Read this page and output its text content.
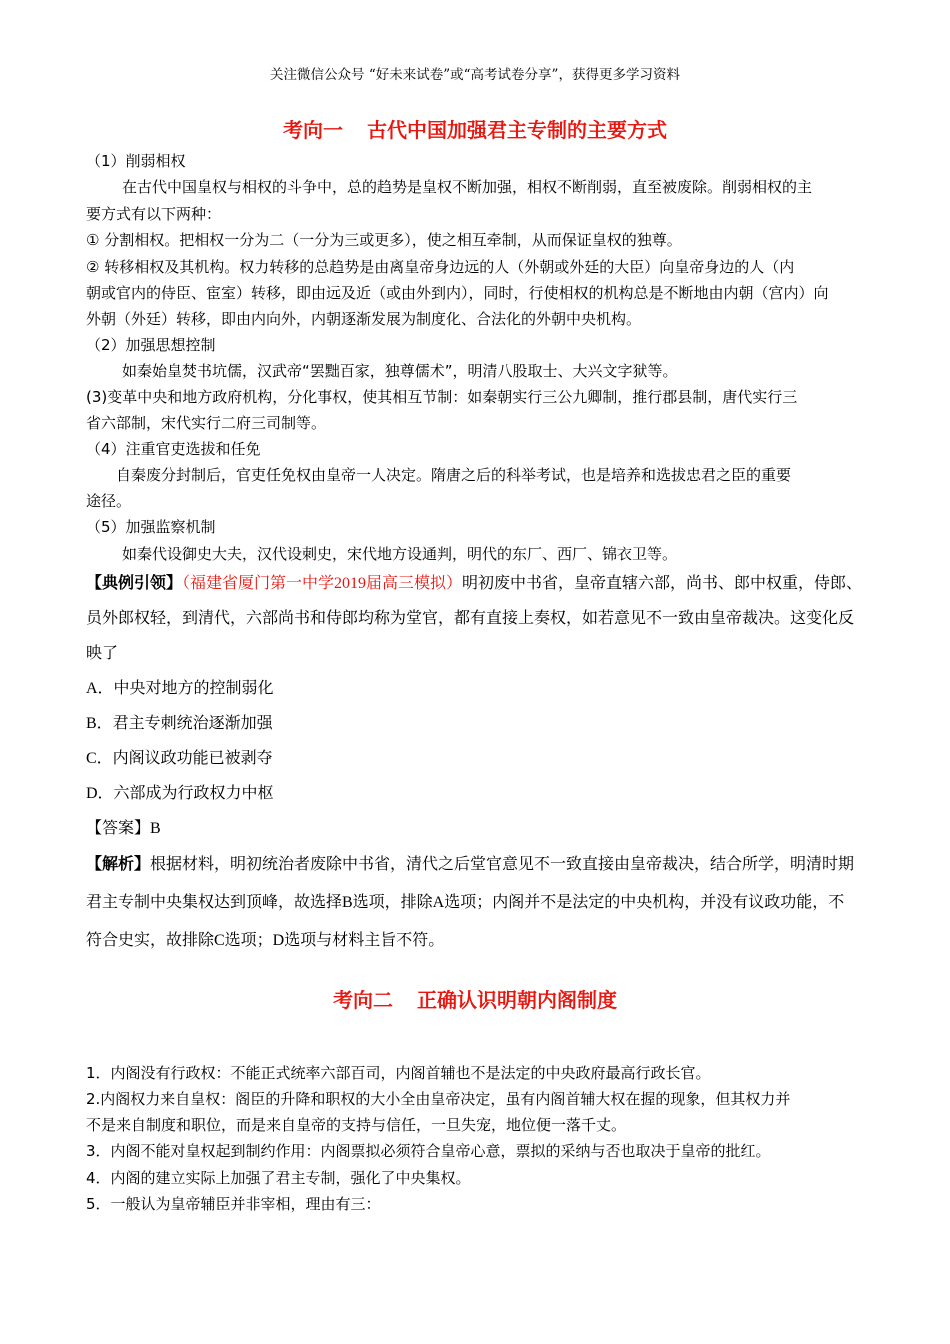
关注微信公众号 “好未来试卷”或“高考试卷分享”，获得更多学习资料
考向一 古代中国加强君主专制的主要方式
（1）削弱相权
在古代中国皇权与相权的斗争中，总的趋势是皇权不断加强，相权不断削弱，直至被废除。削弱相权的主
要方式有以下两种：
① 分割相权。把相权一分为二（一分为三或更多），使之相互牵制，从而保证皇权的独尊。
② 转移相权及其机构。权力转移的总趋势是由离皇帝身边远的人（外朝或外廷的大臣）向皇帝身边的人（内
朝或官内的侍臣、宦室）转移，即由远及近（或由外到内），同时，行使相权的机构总是不断地由内朝（宫内）向
外朝（外廷）转移，即由内向外，内朝逐渐发展为制度化、合法化的外朝中央机构。
（2）加强思想控制
如秦始皇焚书坑儒，汉武帝“罢黜百家，独尊儒术”，明清八股取士、大兴文字狱等。
(3)变革中央和地方政府机构，分化事权，使其相互节制：如秦朝实行三公九卿制，推行郡县制，唐代实行三
省六部制，宋代实行二府三司制等。
（4）注重官吏选拔和任免
自秦废分封制后，官吏任免权由皇帝一人决定。隋唐之后的科举考试，也是培养和选拔忠君之臣的重要
途径。
（5）加强监察机制
如秦代设御史大夫，汉代设刺史，宋代地方设通判，明代的东厂、西厂、锦衣卫等。
【典例引领】（福建省厦门第一中学2019届高三模拟）明初废中书省，皇帝直辖六部，尚书、郎中权重，侍郎、
员外郎权轻，到清代，六部尚书和侍郎均称为堂官，都有直接上奏权，如若意见不一致由皇帝裁决。这变化反
映了
A．中央对地方的控制弱化
B．君主专刺统治逐渐加强
C．内阁议政功能已被剥夺
D．六部成为行政权力中枢
【答案】B
【解析】根据材料，明初统治者废除中书省，清代之后堂官意见不一致直接由皇帝裁决，结合所学，明清时期
君主专制中央集权达到顶峰，故选择B选项，排除A选项；内阁并不是法定的中央机构，并没有议政功能，不
符合史实，故排除C选项；D选项与材料主旨不符。
考向二 正确认识明朝内阁制度
1．内阁没有行政权：不能正式统率六部百司，内阁首辅也不是法定的中央政府最高行政长官。
2.内阁权力来自皇权：阁臣的升降和职权的大小全由皇帝决定，虽有内阁首辅大权在握的现象，但其权力并
不是来自制度和职位，而是来自皇帝的支持与信任，一旦失宠，地位便一落千丈。
3．内阁不能对皇权起到制约作用：内阁票拟必须符合皇帝心意，票拟的采纳与否也取决于皇帝的批红。
4．内阁的建立实际上加强了君主专制，强化了中央集权。
5．一般认为皇帝辅臣并非宰相，理由有三：
